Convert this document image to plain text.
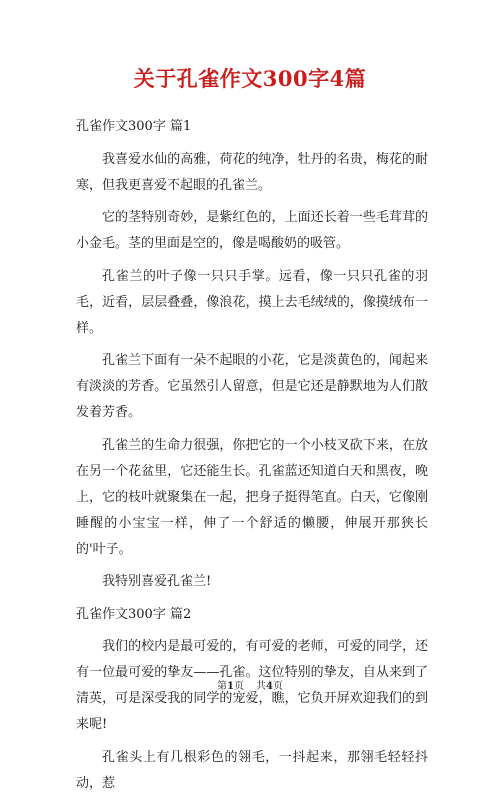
关于孔雀作文300字4篇

孔雀作文300字 篇1

我喜爱水仙的高雅，荷花的纯净，牡丹的名贵，梅花的耐寒，但我更喜爱不起眼的孔雀兰。

它的茎特别奇妙，是紫红色的，上面还长着一些毛茸茸的小金毛。茎的里面是空的，像是喝酸奶的吸管。

孔雀兰的叶子像一只只手掌。远看，像一只只孔雀的羽毛，近看，层层叠叠，像浪花，摸上去毛绒绒的，像摸绒布一样。

孔雀兰下面有一朵不起眼的小花，它是淡黄色的，闻起来有淡淡的芳香。它虽然引人留意，但是它还是静默地为人们散发着芳香。

孔雀兰的生命力很强，你把它的一个小枝叉砍下来，在放在另一个花盆里，它还能生长。孔雀蓝还知道白天和黑夜，晚上，它的枝叶就聚集在一起，把身子挺得笔直。白天，它像刚睡醒的小宝宝一样，伸了一个舒适的懒腰，伸展开那狭长的'叶子。

我特别喜爱孔雀兰!

孔雀作文300字 篇2

我们的校内是最可爱的，有可爱的老师，可爱的同学，还有一位最可爱的挚友——孔雀。这位特别的挚友，自从来到了清英，可是深受我的同学的宠爱，瞧，它负开屏欢迎我们的到来呢!

孔雀头上有几根彩色的翎毛，一抖起来，那翎毛轻轻抖动，惹

第1页 共4页
